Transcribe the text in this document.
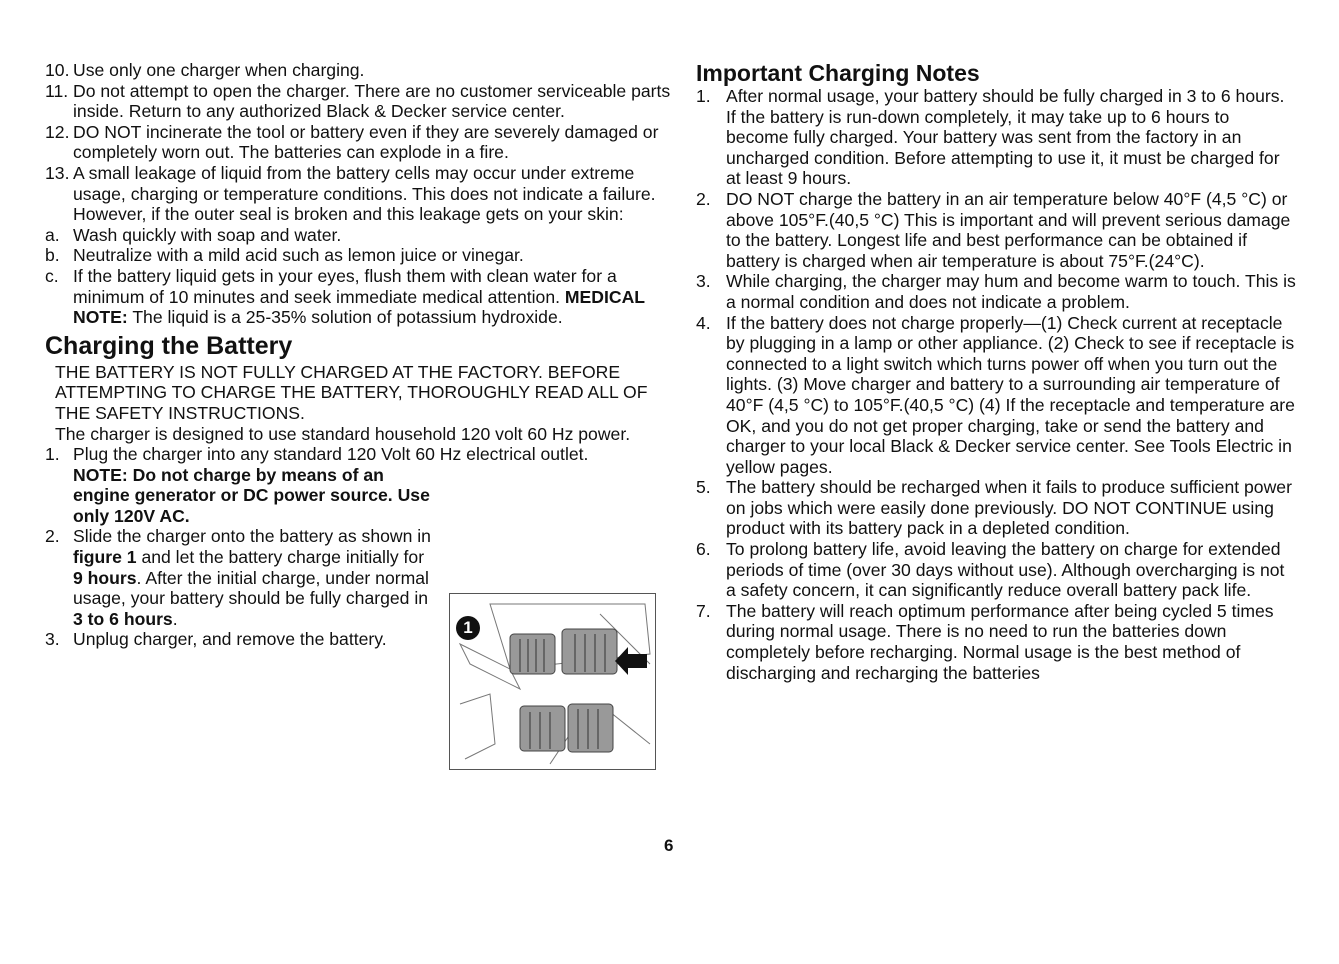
10. Use only one charger when charging.
11. Do not attempt to open the charger. There are no customer serviceable parts inside. Return to any authorized Black & Decker service center.
12. DO NOT incinerate the tool or battery even if they are severely damaged or completely worn out. The batteries can explode in a fire.
13. A small leakage of liquid from the battery cells may occur under extreme usage, charging or temperature conditions. This does not indicate a failure. However, if the outer seal is broken and this leakage gets on your skin:
a. Wash quickly with soap and water.
b. Neutralize with a mild acid such as lemon juice or vinegar.
c. If the battery liquid gets in your eyes, flush them with clean water for a minimum of 10 minutes and seek immediate medical attention. MEDICAL NOTE: The liquid is a 25-35% solution of potassium hydroxide.
Charging the Battery
THE BATTERY IS NOT FULLY CHARGED AT THE FACTORY. BEFORE ATTEMPTING TO CHARGE THE BATTERY, THOROUGHLY READ ALL OF THE SAFETY INSTRUCTIONS.
The charger is designed to use standard household 120 volt 60 Hz power.
1. Plug the charger into any standard 120 Volt 60 Hz electrical outlet.
NOTE: Do not charge by means of an engine generator or DC power source. Use only 120V AC.
2. Slide the charger onto the battery as shown in figure 1 and let the battery charge initially for 9 hours. After the initial charge, under normal usage, your battery should be fully charged in 3 to 6 hours.
3. Unplug charger, and remove the battery.
1
Important Charging Notes
1. After normal usage, your battery should be fully charged in 3 to 6 hours. If the battery is run-down completely, it may take up to 6 hours to become fully charged. Your battery was sent from the factory in an uncharged condition. Before attempting to use it, it must be charged for at least 9 hours.
2. DO NOT charge the battery in an air temperature below 40°F (4,5 °C) or above 105°F.(40,5 °C) This is important and will prevent serious damage to the battery. Longest life and best performance can be obtained if battery is charged when air temperature is about 75°F.(24°C).
3. While charging, the charger may hum and become warm to touch. This is a normal condition and does not indicate a problem.
4. If the battery does not charge properly—(1) Check current at receptacle by plugging in a lamp or other appliance. (2) Check to see if receptacle is connected to a light switch which turns power off when you turn out the lights. (3) Move charger and battery to a surrounding air temperature of 40°F (4,5 °C) to 105°F.(40,5 °C) (4) If the receptacle and temperature are OK, and you do not get proper charging, take or send the battery and charger to your local Black & Decker service center. See Tools Electric in yellow pages.
5. The battery should be recharged when it fails to produce sufficient power on jobs which were easily done previously. DO NOT CONTINUE using product with its battery pack in a depleted condition.
6. To prolong battery life, avoid leaving the battery on charge for extended periods of time (over 30 days without use). Although overcharging is not a safety concern, it can significantly reduce overall battery pack life.
7. The battery will reach optimum performance after being cycled 5 times during normal usage. There is no need to run the batteries down completely before recharging. Normal usage is the best method of discharging and recharging the batteries
6
